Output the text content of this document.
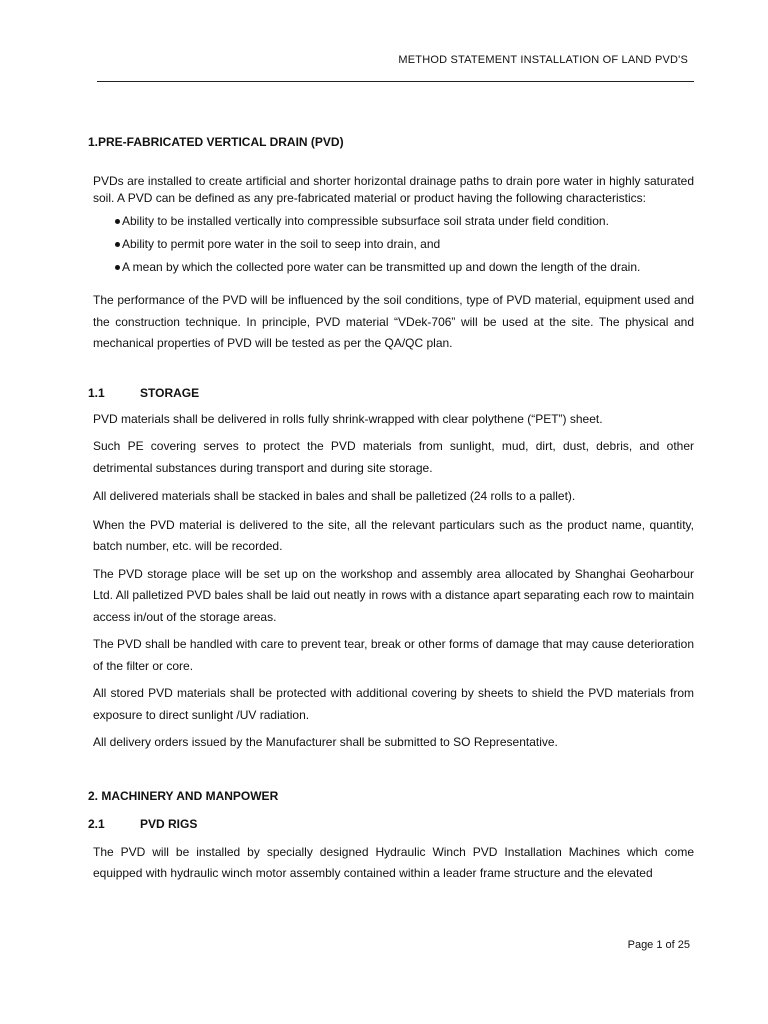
METHOD STATEMENT INSTALLATION OF LAND PVD'S
1.PRE-FABRICATED VERTICAL DRAIN (PVD)

PVDs are installed to create artificial and shorter horizontal drainage paths to drain pore water in highly saturated soil. A PVD can be defined as any pre-fabricated material or product having the following characteristics:

Ability to be installed vertically into compressible subsurface soil strata under field condition.
Ability to permit pore water in the soil to seep into drain, and
A mean by which the collected pore water can be transmitted up and down the length of the drain.

The performance of the PVD will be influenced by the soil conditions, type of PVD material, equipment used and the construction technique. In principle, PVD material “VDek-706” will be used at the site. The physical and mechanical properties of PVD will be tested as per the QA/QC plan.

1.1	STORAGE

PVD materials shall be delivered in rolls fully shrink-wrapped with clear polythene (“PET”) sheet.

Such PE covering serves to protect the PVD materials from sunlight, mud, dirt, dust, debris, and other detrimental substances during transport and during site storage.

All delivered materials shall be stacked in bales and shall be palletized (24 rolls to a pallet).

When the PVD material is delivered to the site, all the relevant particulars such as the product name, quantity, batch number, etc. will be recorded.

The PVD storage place will be set up on the workshop and assembly area allocated by Shanghai Geoharbour Ltd. All palletized PVD bales shall be laid out neatly in rows with a distance apart separating each row to maintain access in/out of the storage areas.

The PVD shall be handled with care to prevent tear, break or other forms of damage that may cause deterioration of the filter or core.

All stored PVD materials shall be protected with additional covering by sheets to shield the PVD materials from exposure to direct sunlight /UV radiation.

All delivery orders issued by the Manufacturer shall be submitted to SO Representative.

2. MACHINERY AND MANPOWER
2.1	PVD RIGS

The PVD will be installed by specially designed Hydraulic Winch PVD Installation Machines which come equipped with hydraulic winch motor assembly contained within a leader frame structure and the elevated

Page 1 of 25
